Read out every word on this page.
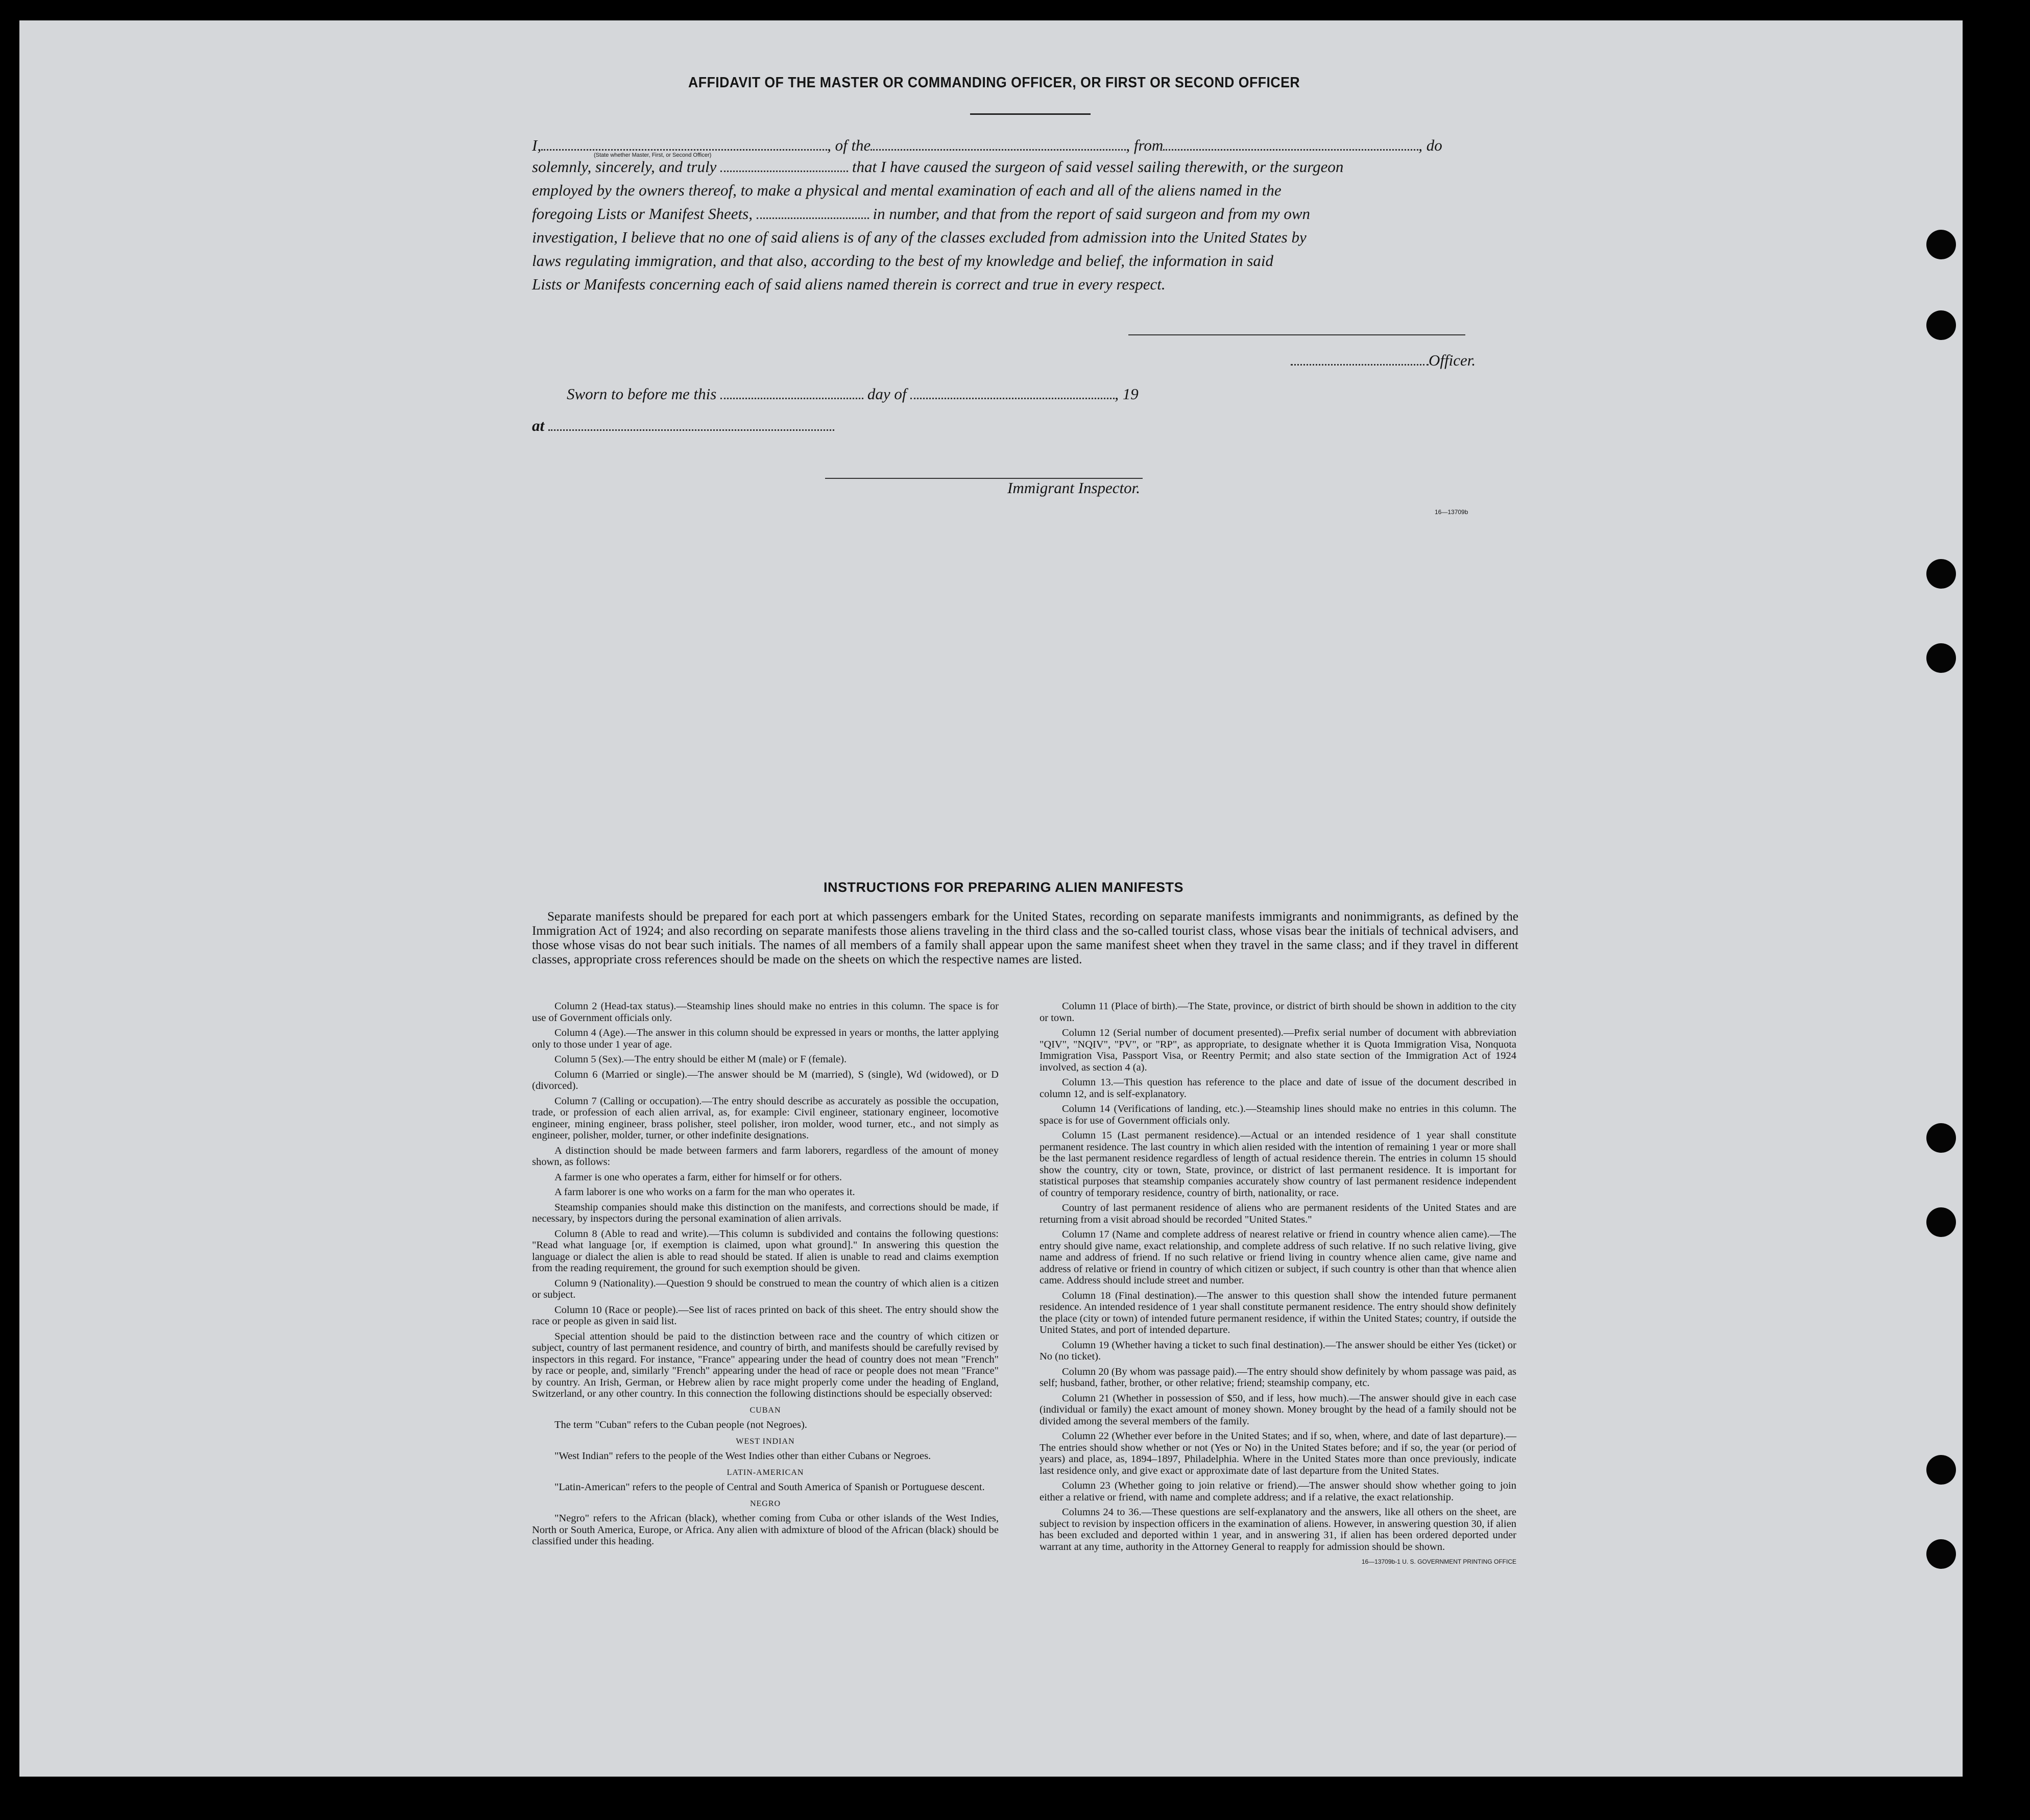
AFFIDAVIT OF THE MASTER OR COMMANDING OFFICER, OR FIRST OR SECOND OFFICER
I,	, of the	, from	, do
(State whether Master, First, or Second Officer)
solemnly, sincerely, and truly	that I have caused the surgeon of said vessel sailing therewith, or the surgeon
employed by the owners thereof, to make a physical and mental examination of each and all of the aliens named in the
foregoing Lists or Manifest Sheets,	in number, and that from the report of said surgeon and from my own
investigation, I believe that no one of said aliens is of any of the classes excluded from admission into the United States by
laws regulating immigration, and that also, according to the best of my knowledge and belief, the information in said
Lists or Manifests concerning each of said aliens named therein is correct and true in every respect.
Officer.
Sworn to before me this	day of	, 19
at
Immigrant Inspector.
16—13709b
INSTRUCTIONS FOR PREPARING ALIEN MANIFESTS
Separate manifests should be prepared for each port at which passengers embark for the United States, recording on separate manifests immigrants and nonimmigrants, as defined by the Immigration Act of 1924; and also recording on separate manifests those aliens traveling in the third class and the so-called tourist class, whose visas bear the initials of technical advisers, and those whose visas do not bear such initials. The names of all members of a family shall appear upon the same manifest sheet when they travel in the same class; and if they travel in different classes, appropriate cross references should be made on the sheets on which the respective names are listed.

Column 2 (Head-tax status).—Steamship lines should make no entries in this column. The space is for use of Government officials only.

Column 4 (Age).—The answer in this column should be expressed in years or months, the latter applying only to those under 1 year of age.

Column 5 (Sex).—The entry should be either M (male) or F (female).

Column 6 (Married or single).—The answer should be M (married), S (single), Wd (widowed), or D (divorced).

Column 7 (Calling or occupation).—The entry should describe as accurately as possible the occupation, trade, or profession of each alien arrival, as, for example: Civil engineer, stationary engineer, locomotive engineer, mining engineer, brass polisher, steel polisher, iron molder, wood turner, etc., and not simply as engineer, polisher, molder, turner, or other indefinite designations.

A distinction should be made between farmers and farm laborers, regardless of the amount of money shown, as follows:

A farmer is one who operates a farm, either for himself or for others.

A farm laborer is one who works on a farm for the man who operates it.

Steamship companies should make this distinction on the manifests, and corrections should be made, if necessary, by inspectors during the personal examination of alien arrivals.

Column 8 (Able to read and write).—This column is subdivided and contains the following questions: "Read what language [or, if exemption is claimed, upon what ground]." In answering this question the language or dialect the alien is able to read should be stated. If alien is unable to read and claims exemption from the reading requirement, the ground for such exemption should be given.

Column 9 (Nationality).—Question 9 should be construed to mean the country of which alien is a citizen or subject.

Column 10 (Race or people).—See list of races printed on back of this sheet. The entry should show the race or people as given in said list.

Special attention should be paid to the distinction between race and the country of which citizen or subject, country of last permanent residence, and country of birth, and manifests should be carefully revised by inspectors in this regard. For instance, "France" appearing under the head of country does not mean "French" by race or people, and, similarly "French" appearing under the head of race or people does not mean "France" by country. An Irish, German, or Hebrew alien by race might properly come under the heading of England, Switzerland, or any other country. In this connection the following distinctions should be especially observed:

CUBAN

The term "Cuban" refers to the Cuban people (not Negroes).

WEST INDIAN

"West Indian" refers to the people of the West Indies other than either Cubans or Negroes.

LATIN-AMERICAN

"Latin-American" refers to the people of Central and South America of Spanish or Portuguese descent.

NEGRO

"Negro" refers to the African (black), whether coming from Cuba or other islands of the West Indies, North or South America, Europe, or Africa. Any alien with admixture of blood of the African (black) should be classified under this heading.

Column 11 (Place of birth).—The State, province, or district of birth should be shown in addition to the city or town.

Column 12 (Serial number of document presented).—Prefix serial number of document with abbreviation "QIV", "NQIV", "PV", or "RP", as appropriate, to designate whether it is Quota Immigration Visa, Nonquota Immigration Visa, Passport Visa, or Reentry Permit; and also state section of the Immigration Act of 1924 involved, as section 4 (a).

Column 13.—This question has reference to the place and date of issue of the document described in column 12, and is self-explanatory.

Column 14 (Verifications of landing, etc.).—Steamship lines should make no entries in this column. The space is for use of Government officials only.

Column 15 (Last permanent residence).—Actual or an intended residence of 1 year shall constitute permanent residence. The last country in which alien resided with the intention of remaining 1 year or more shall be the last permanent residence regardless of length of actual residence therein. The entries in column 15 should show the country, city or town, State, province, or district of last permanent residence. It is important for statistical purposes that steamship companies accurately show country of last permanent residence independent of country of temporary residence, country of birth, nationality, or race.

Country of last permanent residence of aliens who are permanent residents of the United States and are returning from a visit abroad should be recorded "United States."

Column 17 (Name and complete address of nearest relative or friend in country whence alien came).—The entry should give name, exact relationship, and complete address of such relative. If no such relative living, give name and address of friend. If no such relative or friend living in country whence alien came, give name and address of relative or friend in country of which citizen or subject, if such country is other than that whence alien came. Address should include street and number.

Column 18 (Final destination).—The answer to this question shall show the intended future permanent residence. An intended residence of 1 year shall constitute permanent residence. The entry should show definitely the place (city or town) of intended future permanent residence, if within the United States; country, if outside the United States, and port of intended departure.

Column 19 (Whether having a ticket to such final destination).—The answer should be either Yes (ticket) or No (no ticket).

Column 20 (By whom was passage paid).—The entry should show definitely by whom passage was paid, as self; husband, father, brother, or other relative; friend; steamship company, etc.

Column 21 (Whether in possession of $50, and if less, how much).—The answer should give in each case (individual or family) the exact amount of money shown. Money brought by the head of a family should not be divided among the several members of the family.

Column 22 (Whether ever before in the United States; and if so, when, where, and date of last departure).—The entries should show whether or not (Yes or No) in the United States before; and if so, the year (or period of years) and place, as, 1894–1897, Philadelphia. Where in the United States more than once previously, indicate last residence only, and give exact or approximate date of last departure from the United States.

Column 23 (Whether going to join relative or friend).—The answer should show whether going to join either a relative or friend, with name and complete address; and if a relative, the exact relationship.

Columns 24 to 36.—These questions are self-explanatory and the answers, like all others on the sheet, are subject to revision by inspection officers in the examination of aliens. However, in answering question 30, if alien has been excluded and deported within 1 year, and in answering 31, if alien has been ordered deported under warrant at any time, authority in the Attorney General to reapply for admission should be shown.

16—13709b-1 U. S. GOVERNMENT PRINTING OFFICE
